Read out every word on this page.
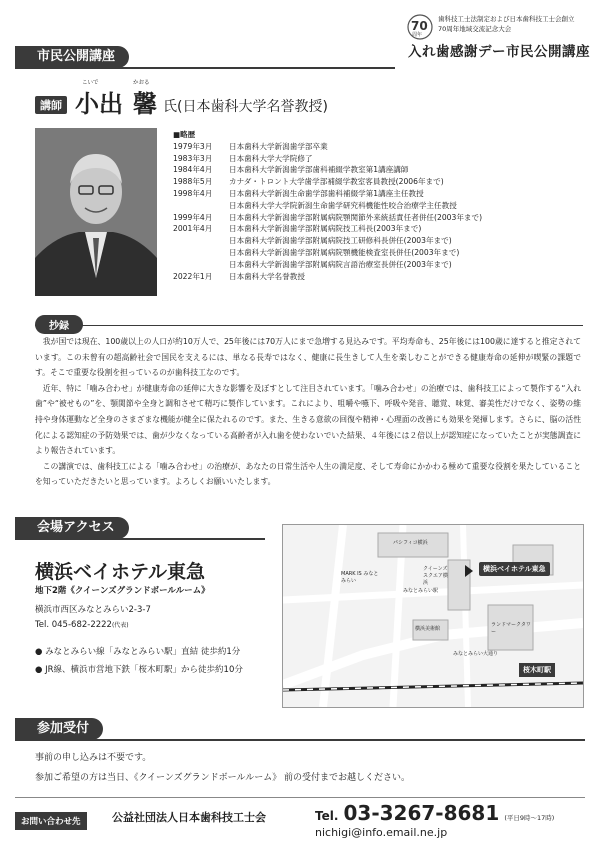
70
周年
歯科技工士法制定および日本歯科技工士会創立
70周年地域交流記念大会
入れ歯感謝デー市民公開講座
市民公開講座
講師
こいで
小出
かおる
馨 氏 (日本歯科大学名誉教授)
■略歴
1979年3月	日本歯科大学新潟歯学部卒業
1983年3月	日本歯科大学大学院修了
1984年4月	日本歯科大学新潟歯学部歯科補綴学教室第1講座講師
1988年5月	カナダ・トロント大学歯学部補綴学教室客員教授(2006年まで)
1998年4月	日本歯科大学新潟生命歯学部歯科補綴学第1講座主任教授
日本歯科大学大学院新潟生命歯学研究科機能性咬合治療学主任教授
1999年4月	日本歯科大学新潟歯学部附属病院顎関節外来統括責任者併任(2003年まで)
2001年4月	日本歯科大学新潟歯学部附属病院技工科長(2003年まで)
日本歯科大学新潟歯学部附属病院技工研修科長併任(2003年まで)
日本歯科大学新潟歯学部附属病院顎機能検査室長併任(2003年まで)
日本歯科大学新潟歯学部附属病院言語治療室長併任(2003年まで)
2022年1月	日本歯科大学名誉教授
抄録

我が国では現在、100歳以上の人口が約10万人で、25年後には70万人にまで急増する見込みです。平均寿命も、25年後には100歳に達すると推定されています。この未曾有の超高齢社会で国民を支えるには、単なる長寿ではなく、健康に長生きして人生を楽しむことができる健康寿命の延伸が喫緊の課題です。そこで重要な役割を担っているのが歯科技工なのです。

近年、特に「噛み合わせ」が健康寿命の延伸に大きな影響を及ぼすとして注目されています。「噛み合わせ」の治療では、歯科技工によって製作する“入れ歯”や“被せもの”を、顎関節や全身と調和させて精巧に製作しています。これにより、咀嚼や嚥下、呼吸や発音、聴覚、味覚、審美性だけでなく、姿勢の維持や身体運動など全身のさまざまな機能が健全に保たれるのです。また、生きる意欲の回復や精神・心理面の改善にも効果を発揮します。さらに、脳の活性化による認知症の予防効果では、歯が少なくなっている高齢者が入れ歯を使わないでいた結果、４年後には２倍以上が認知症になっていたことが実態調査により報告されています。

この講演では、歯科技工による「噛み合わせ」の治療が、あなたの日常生活や人生の満足度、そして寿命にかかわる極めて重要な役割を果たしていることを知っていただきたいと思っています。よろしくお願いいたします。

会場アクセス
横浜ベイホテル東急
地下2階《クイーンズグランドボールルーム》
横浜市西区みなとみらい2-3-7
Tel. 045-682-2222(代表)
● みなとみらい線「みなとみらい駅」直結 徒歩約1分
● JR線、横浜市営地下鉄「桜木町駅」から徒歩約10分
パシフィコ横浜
みなとみらい駅
横浜美術館
クイーンズスクエア横浜
ランドマークタワー
MARK IS みなとみらい
みなとみらい大通り
横浜ベイホテル東急
桜木町駅
参加受付
事前の申し込みは不要です。
参加ご希望の方は当日、《クイーンズグランドボールルーム》 前の受付までお越しください。
お問い合わせ先	公益社団法人日本歯科技工士会	Tel. 03-3267-8681 (平日9時～17時)
nichigi@info.email.ne.jp
